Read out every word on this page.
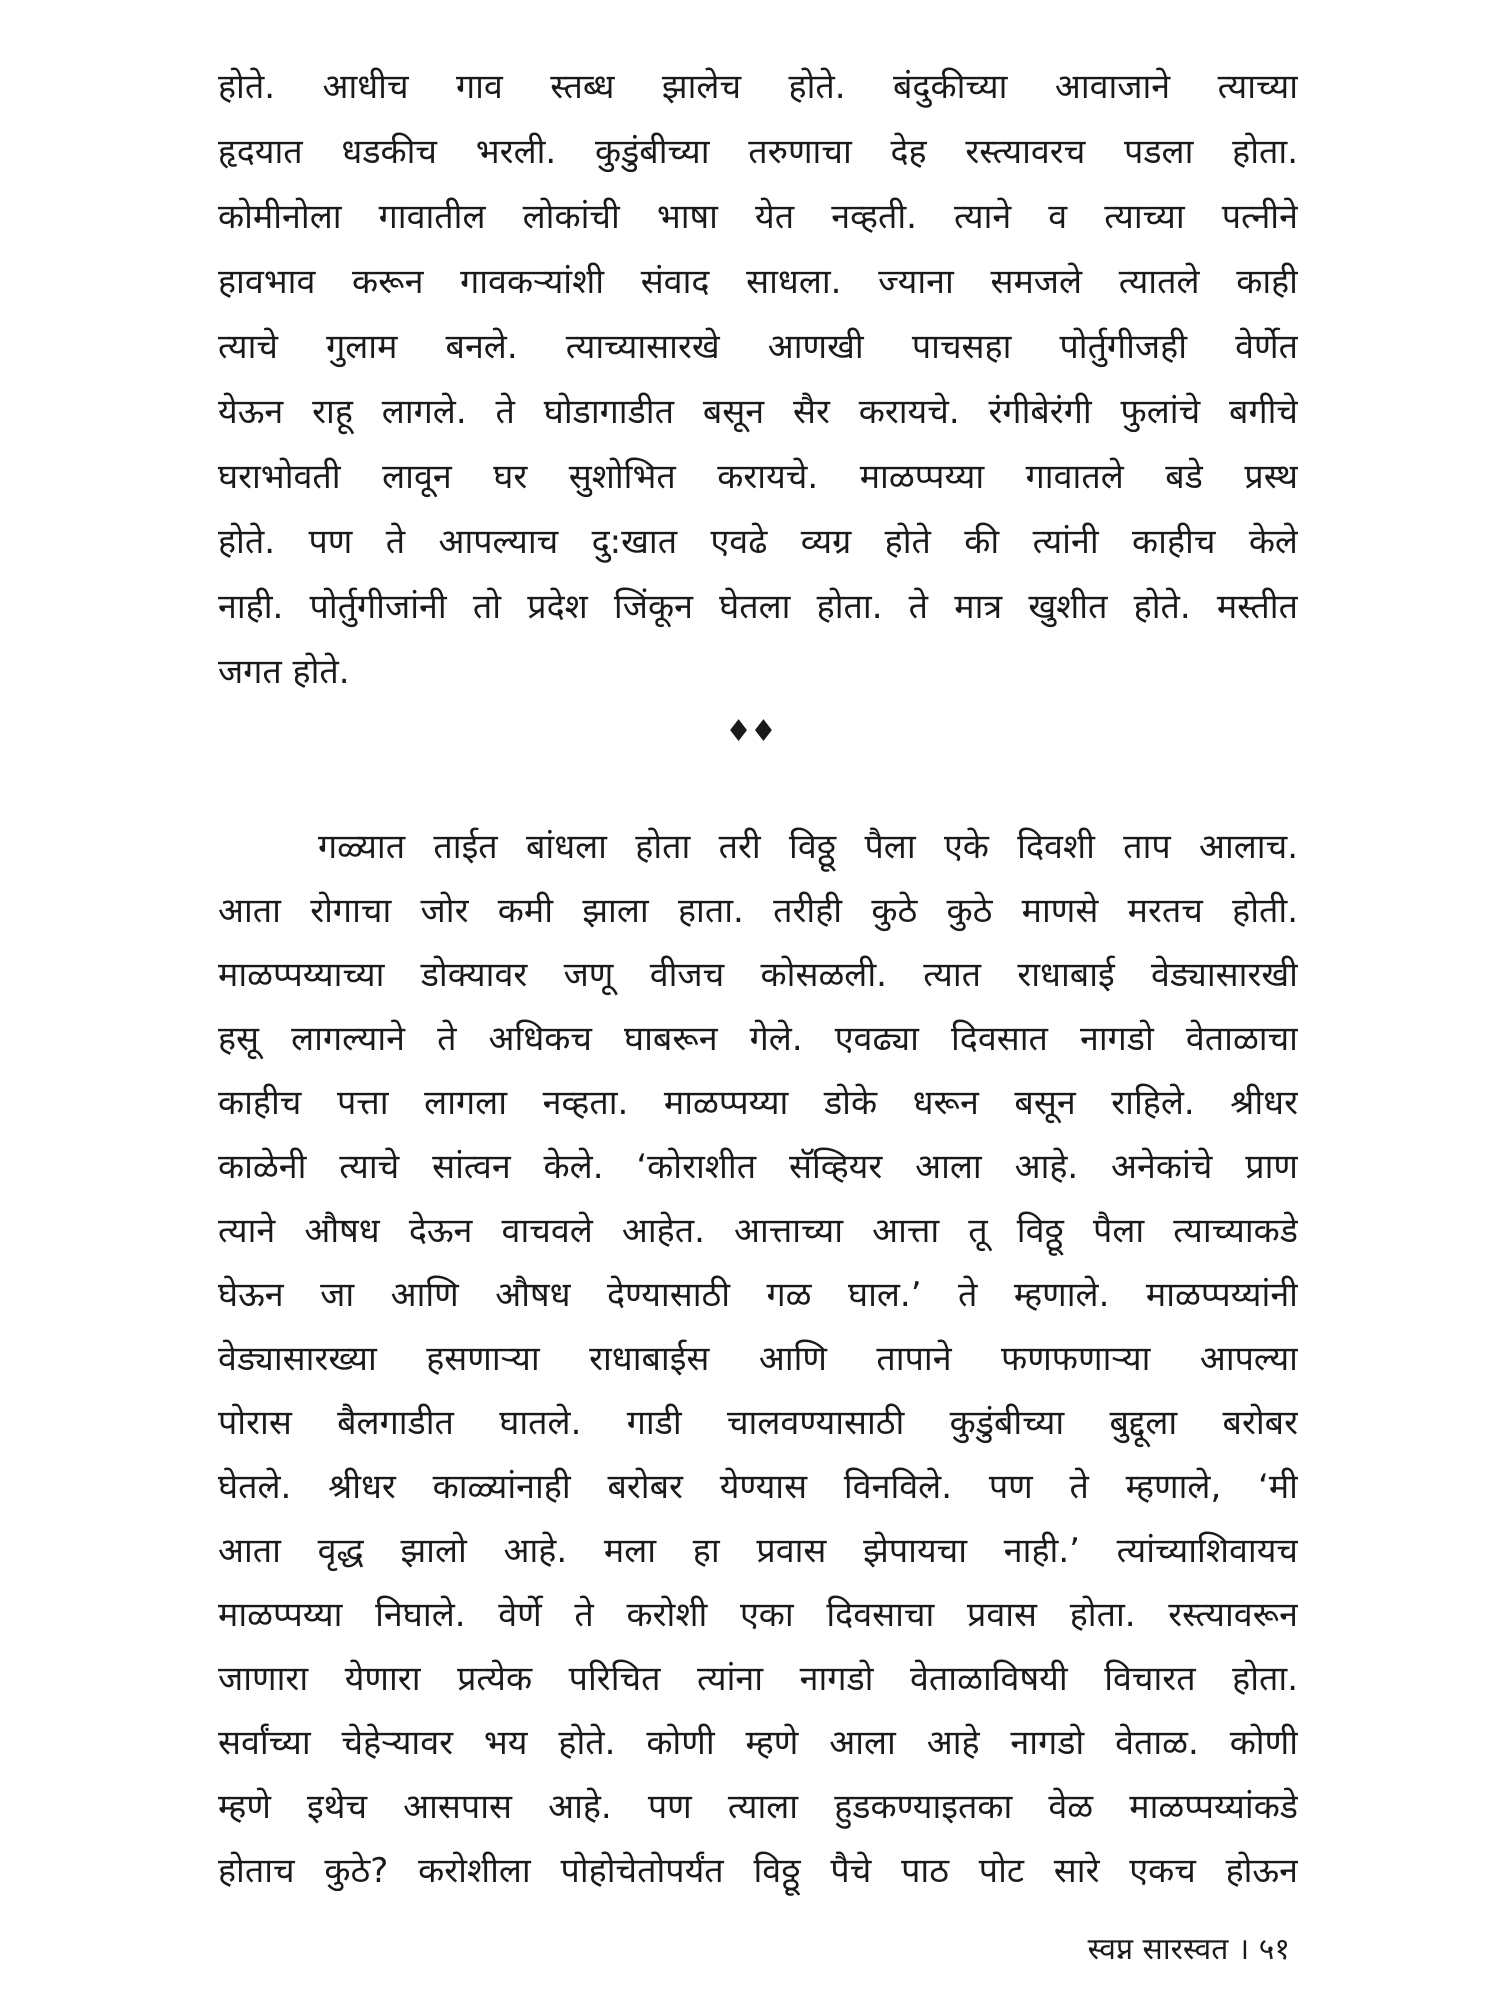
होते. आधीच गाव स्तब्ध झालेच होते. बंदुकीच्या आवाजाने त्याच्या
हृदयात धडकीच भरली. कुडुंबीच्या तरुणाचा देह रस्त्यावरच पडला होता.
कोमीनोला गावातील लोकांची भाषा येत नव्हती. त्याने व त्याच्या पत्नीने
हावभाव करून गावकऱ्यांशी संवाद साधला. ज्याना समजले त्यातले काही
त्याचे गुलाम बनले. त्याच्यासारखे आणखी पाचसहा पोर्तुगीजही वेर्णेत
येऊन राहू लागले. ते घोडागाडीत बसून सैर करायचे. रंगीबेरंगी फुलांचे बगीचे
घराभोवती लावून घर सुशोभित करायचे. माळप्पय्या गावातले बडे प्रस्थ
होते. पण ते आपल्याच दु:खात एवढे व्यग्र होते की त्यांनी काहीच केले
नाही. पोर्तुगीजांनी तो प्रदेश जिंकून घेतला होता. ते मात्र खुशीत होते. मस्तीत
जगत होते.
♦♦
गळ्यात ताईत बांधला होता तरी विठ्ठू पैला एके दिवशी ताप आलाच.
आता रोगाचा जोर कमी झाला हाता. तरीही कुठे कुठे माणसे मरतच होती.
माळप्पय्याच्या डोक्यावर जणू वीजच कोसळली. त्यात राधाबाई वेड्यासारखी
हसू लागल्याने ते अधिकच घाबरून गेले. एवढ्या दिवसात नागडो वेताळाचा
काहीच पत्ता लागला नव्हता. माळप्पय्या डोके धरून बसून राहिले. श्रीधर
काळेनी त्याचे सांत्वन केले. ‘कोराशीत सॅव्हियर आला आहे. अनेकांचे प्राण
त्याने औषध देऊन वाचवले आहेत. आत्ताच्या आत्ता तू विठ्ठू पैला त्याच्याकडे
घेऊन जा आणि औषध देण्यासाठी गळ घाल.’ ते म्हणाले. माळप्पय्यांनी
वेड्यासारख्या हसणाऱ्या राधाबाईस आणि तापाने फणफणाऱ्या आपल्या
पोरास बैलगाडीत घातले. गाडी चालवण्यासाठी कुडुंबीच्या बुद्दूला बरोबर
घेतले. श्रीधर काळ्यांनाही बरोबर येण्यास विनविले. पण ते म्हणाले, ‘मी
आता वृद्ध झालो आहे. मला हा प्रवास झेपायचा नाही.’ त्यांच्याशिवायच
माळप्पय्या निघाले. वेर्णे ते करोशी एका दिवसाचा प्रवास होता. रस्त्यावरून
जाणारा येणारा प्रत्येक परिचित त्यांना नागडो वेताळाविषयी विचारत होता.
सर्वांच्या चेहेऱ्यावर भय होते. कोणी म्हणे आला आहे नागडो वेताळ. कोणी
म्हणे इथेच आसपास आहे. पण त्याला हुडकण्याइतका वेळ माळप्पय्यांकडे
होताच कुठे? करोशीला पोहोचेतोपर्यंत विठ्ठू पैचे पाठ पोट सारे एकच होऊन
स्वप्न सारस्वत । ५१
